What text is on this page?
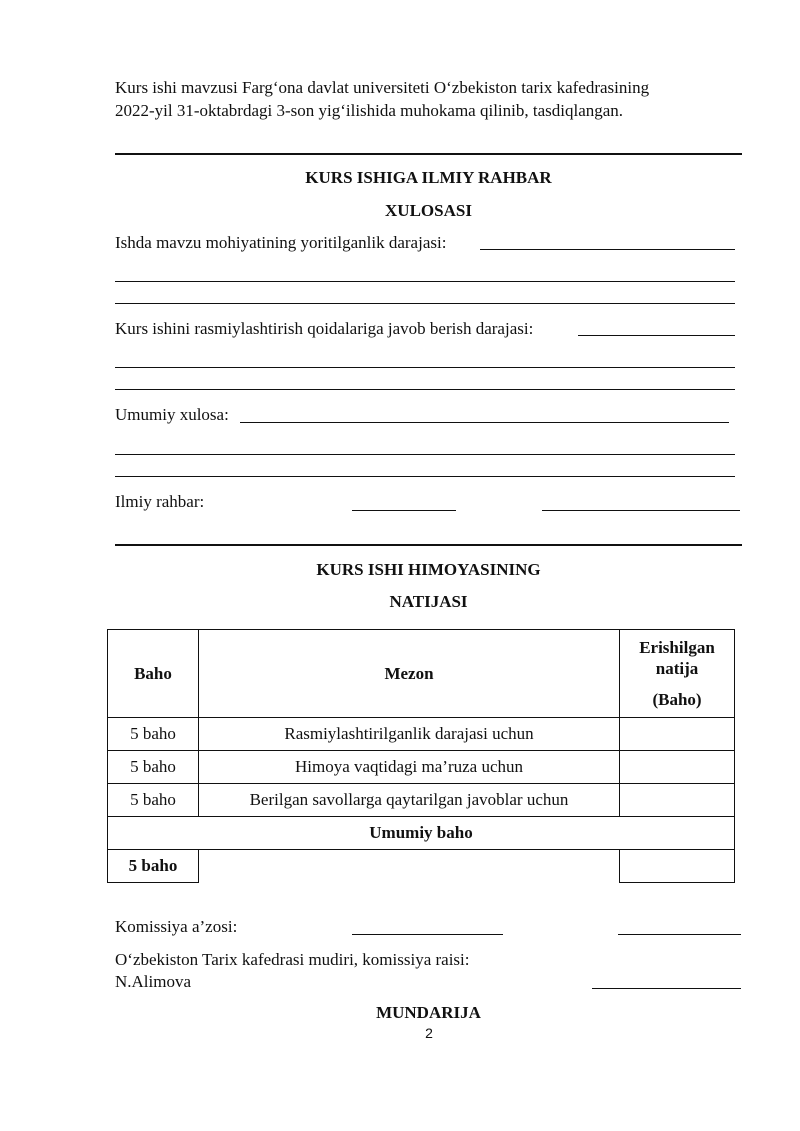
Kurs ishi mavzusi Farg‘ona davlat universiteti O‘zbekiston tarix kafedrasining
2022-yil 31-oktabrdagi 3-son yig‘ilishida muhokama qilinib, tasdiqlangan.
KURS ISHIGA ILMIY RAHBAR
XULOSASI
Ishda mavzu mohiyatining yoritilganlik darajasi:
Kurs ishini rasmiylashtirish qoidalariga javob berish darajasi:
Umumiy xulosa:
Ilmiy rahbar:
KURS ISHI HIMOYASINING
NATIJASI
Baho	Mezon	Erishilgan
natija
(Baho)

5 baho	Rasmiylashtirilganlik darajasi uchun	
5 baho	Himoya vaqtidagi ma’ruza uchun	
5 baho	Berilgan savollarga qaytarilgan javoblar uchun	
Umumiy baho		
5 baho		
Komissiya a’zosi:
O‘zbekiston Tarix kafedrasi mudiri, komissiya raisi:
N.Alimova
MUNDARIJA
2
